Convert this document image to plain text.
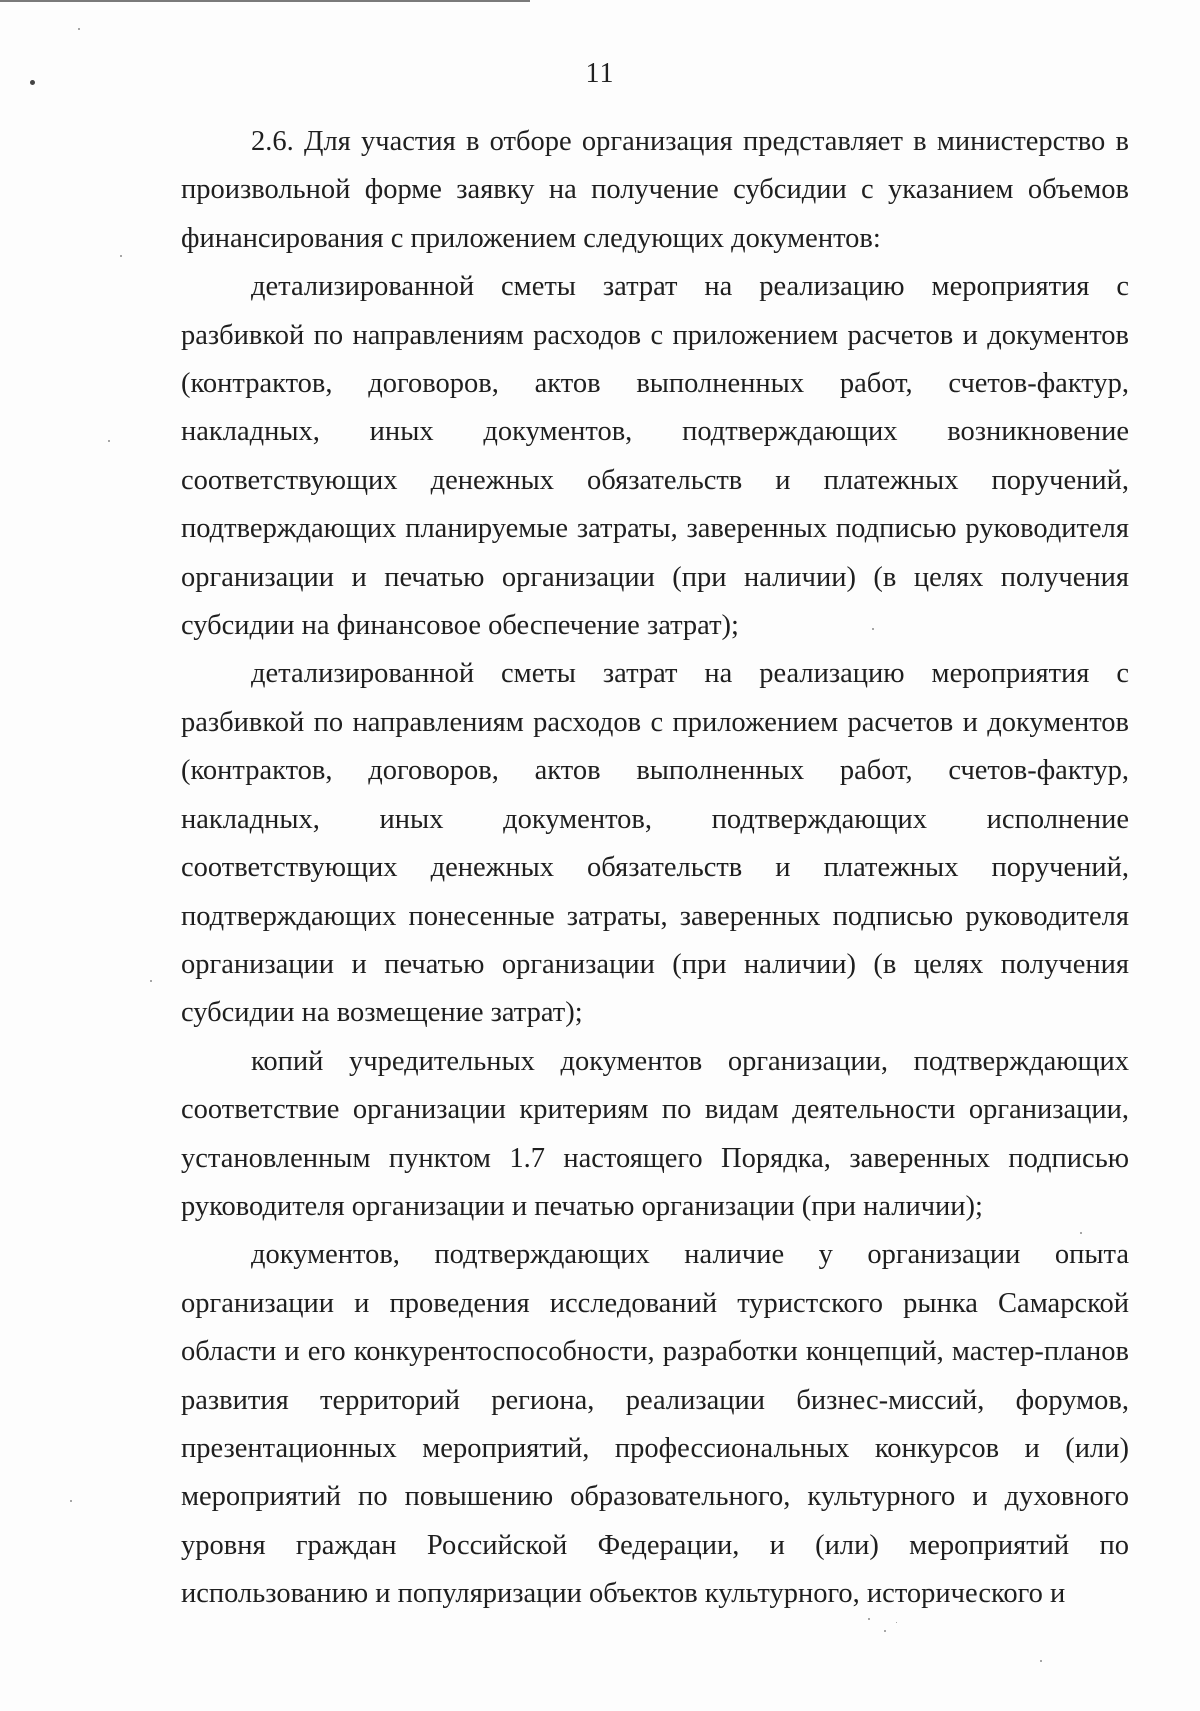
11

2.6. Для участия в отборе организация представляет в министерство в произвольной форме заявку на получение субсидии с указанием объемов финансирования с приложением следующих документов:

детализированной сметы затрат на реализацию мероприятия с разбивкой по направлениям расходов с приложением расчетов и документов (контрактов, договоров, актов выполненных работ, счетов-фактур, накладных, иных документов, подтверждающих возникновение соответствующих денежных обязательств и платежных поручений, подтверждающих планируемые затраты, заверенных подписью руководителя организации и печатью организации (при наличии) (в целях получения субсидии на финансовое обеспечение затрат);

детализированной сметы затрат на реализацию мероприятия с разбивкой по направлениям расходов с приложением расчетов и документов (контрактов, договоров, актов выполненных работ, счетов-фактур, накладных, иных документов, подтверждающих исполнение соответствующих денежных обязательств и платежных поручений, подтверждающих понесенные затраты, заверенных подписью руководителя организации и печатью организации (при наличии) (в целях получения субсидии на возмещение затрат);

копий учредительных документов организации, подтверждающих соответствие организации критериям по видам деятельности организации, установленным пунктом 1.7 настоящего Порядка, заверенных подписью руководителя организации и печатью организации (при наличии);

документов, подтверждающих наличие у организации опыта организации и проведения исследований туристского рынка Самарской области и его конкурентоспособности, разработки концепций, мастер-планов развития территорий региона, реализации бизнес-миссий, форумов, презентационных мероприятий, профессиональных конкурсов и (или) мероприятий по повышению образовательного, культурного и духовного уровня граждан Российской Федерации, и (или) мероприятий по использованию и популяризации объектов культурного, исторического и
